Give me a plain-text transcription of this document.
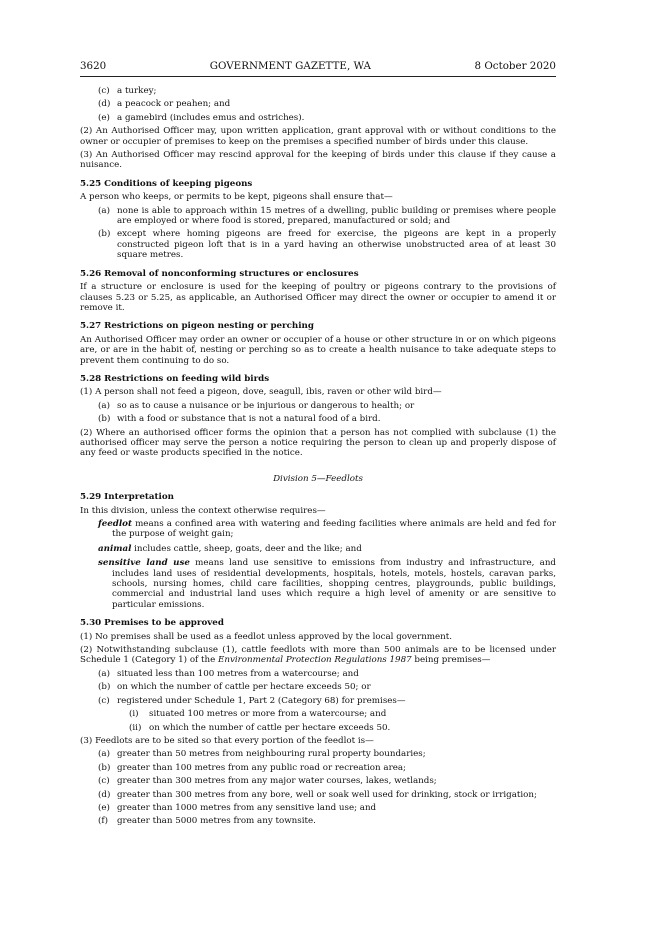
3620	GOVERNMENT GAZETTE, WA	8 October 2020
(c) a turkey;
(d) a peacock or peahen; and
(e) a gamebird (includes emus and ostriches).

(2) An Authorised Officer may, upon written application, grant approval with or without conditions to the owner or occupier of premises to keep on the premises a specified number of birds under this clause.

(3) An Authorised Officer may rescind approval for the keeping of birds under this clause if they cause a nuisance.

5.25 Conditions of keeping pigeons

A person who keeps, or permits to be kept, pigeons shall ensure that—

(a) none is able to approach within 15 metres of a dwelling, public building or premises where people are employed or where food is stored, prepared, manufactured or sold; and
(b) except where homing pigeons are freed for exercise, the pigeons are kept in a properly constructed pigeon loft that is in a yard having an otherwise unobstructed area of at least 30 square metres.
5.26 Removal of nonconforming structures or enclosures

If a structure or enclosure is used for the keeping of poultry or pigeons contrary to the provisions of clauses 5.23 or 5.25, as applicable, an Authorised Officer may direct the owner or occupier to amend it or remove it.

5.27 Restrictions on pigeon nesting or perching

An Authorised Officer may order an owner or occupier of a house or other structure in or on which pigeons are, or are in the habit of, nesting or perching so as to create a health nuisance to take adequate steps to prevent them continuing to do so.

5.28 Restrictions on feeding wild birds

(1) A person shall not feed a pigeon, dove, seagull, ibis, raven or other wild bird—

(a) so as to cause a nuisance or be injurious or dangerous to health; or
(b) with a food or substance that is not a natural food of a bird.

(2) Where an authorised officer forms the opinion that a person has not complied with subclause (1) the authorised officer may serve the person a notice requiring the person to clean up and properly dispose of any feed or waste products specified in the notice.

Division 5—Feedlots
5.29 Interpretation

In this division, unless the context otherwise requires—

feedlot means a confined area with watering and feeding facilities where animals are held and fed for the purpose of weight gain;
animal includes cattle, sheep, goats, deer and the like; and
sensitive land use means land use sensitive to emissions from industry and infrastructure, and includes land uses of residential developments, hospitals, hotels, motels, hostels, caravan parks, schools, nursing homes, child care facilities, shopping centres, playgrounds, public buildings, commercial and industrial land uses which require a high level of amenity or are sensitive to particular emissions.
5.30 Premises to be approved

(1) No premises shall be used as a feedlot unless approved by the local government.

(2) Notwithstanding subclause (1), cattle feedlots with more than 500 animals are to be licensed under Schedule 1 (Category 1) of the Environmental Protection Regulations 1987 being premises—

(a) situated less than 100 metres from a watercourse; and
(b) on which the number of cattle per hectare exceeds 50; or
(c) registered under Schedule 1, Part 2 (Category 68) for premises—
(i)	situated 100 metres or more from a watercourse; and
(ii) on which the number of cattle per hectare exceeds 50.

(3) Feedlots are to be sited so that every portion of the feedlot is—

(a) greater than 50 metres from neighbouring rural property boundaries;
(b) greater than 100 metres from any public road or recreation area;
(c) greater than 300 metres from any major water courses, lakes, wetlands;
(d) greater than 300 metres from any bore, well or soak well used for drinking, stock or irrigation;
(e) greater than 1000 metres from any sensitive land use; and
(f)	greater than 5000 metres from any townsite.
